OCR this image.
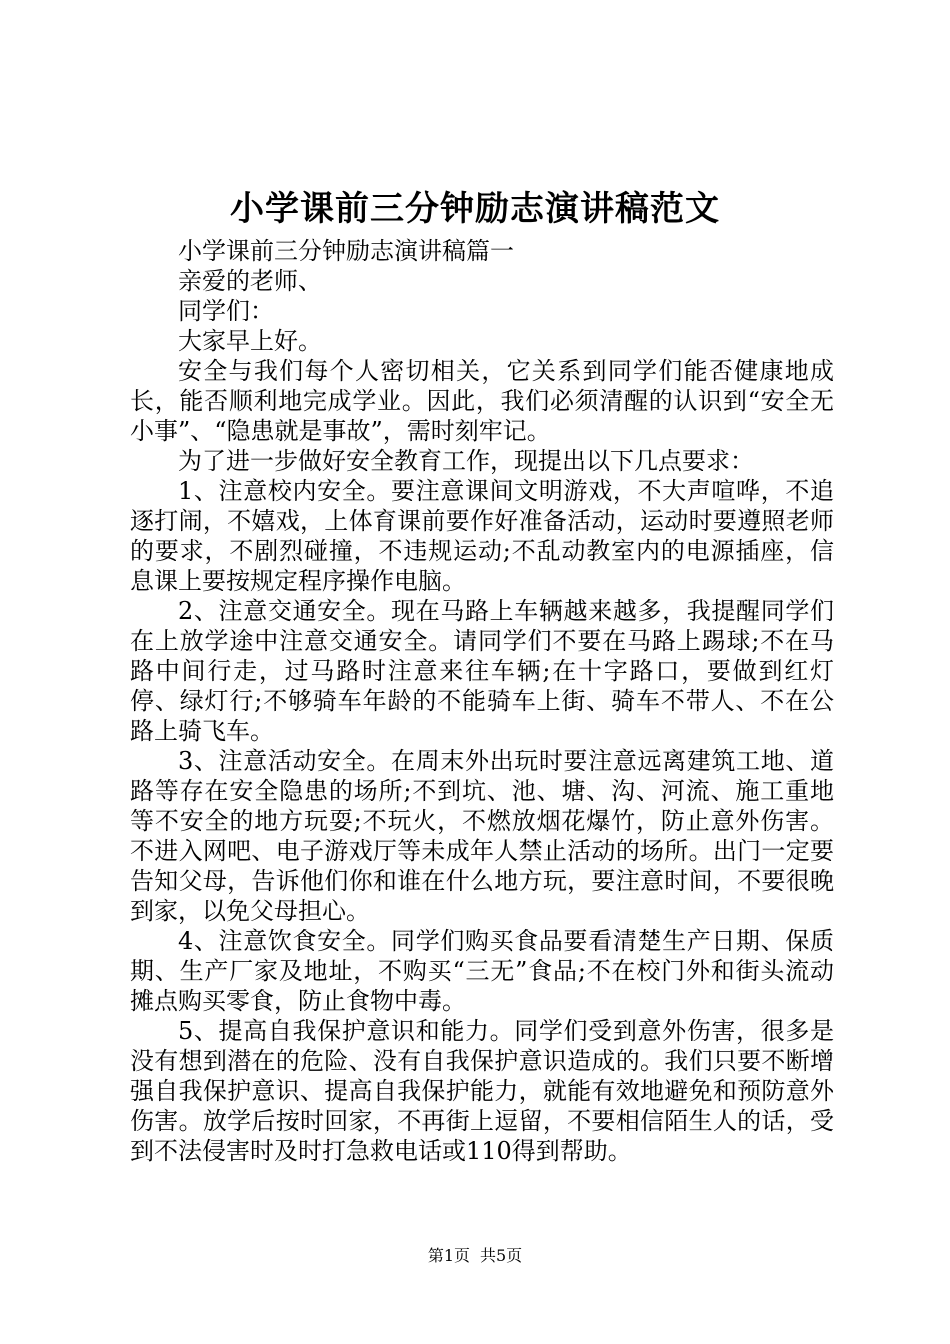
小学课前三分钟励志演讲稿范文

小学课前三分钟励志演讲稿篇一

亲爱的老师、

同学们：

大家早上好。

安全与我们每个人密切相关，它关系到同学们能否健康地成长，能否顺利地完成学业。因此，我们必须清醒的认识到“安全无小事”、“隐患就是事故”，需时刻牢记。

为了进一步做好安全教育工作，现提出以下几点要求：

1、注意校内安全。要注意课间文明游戏，不大声喧哗，不追逐打闹，不嬉戏，上体育课前要作好准备活动，运动时要遵照老师的要求，不剧烈碰撞，不违规运动;不乱动教室内的电源插座，信息课上要按规定程序操作电脑。

2、注意交通安全。现在马路上车辆越来越多，我提醒同学们在上放学途中注意交通安全。请同学们不要在马路上踢球;不在马路中间行走，过马路时注意来往车辆;在十字路口，要做到红灯停、绿灯行;不够骑车年龄的不能骑车上街、骑车不带人、不在公路上骑飞车。

3、注意活动安全。在周末外出玩时要注意远离建筑工地、道路等存在安全隐患的场所;不到坑、池、塘、沟、河流、施工重地等不安全的地方玩耍;不玩火，不燃放烟花爆竹，防止意外伤害。不进入网吧、电子游戏厅等未成年人禁止活动的场所。出门一定要告知父母，告诉他们你和谁在什么地方玩，要注意时间，不要很晚到家，以免父母担心。

4、注意饮食安全。同学们购买食品要看清楚生产日期、保质期、生产厂家及地址，不购买“三无”食品;不在校门外和街头流动摊点购买零食，防止食物中毒。

5、提高自我保护意识和能力。同学们受到意外伤害，很多是没有想到潜在的危险、没有自我保护意识造成的。我们只要不断增强自我保护意识、提高自我保护能力，就能有效地避免和预防意外伤害。放学后按时回家，不再街上逗留，不要相信陌生人的话，受到不法侵害时及时打急救电话或110得到帮助。

第1页 共5页
